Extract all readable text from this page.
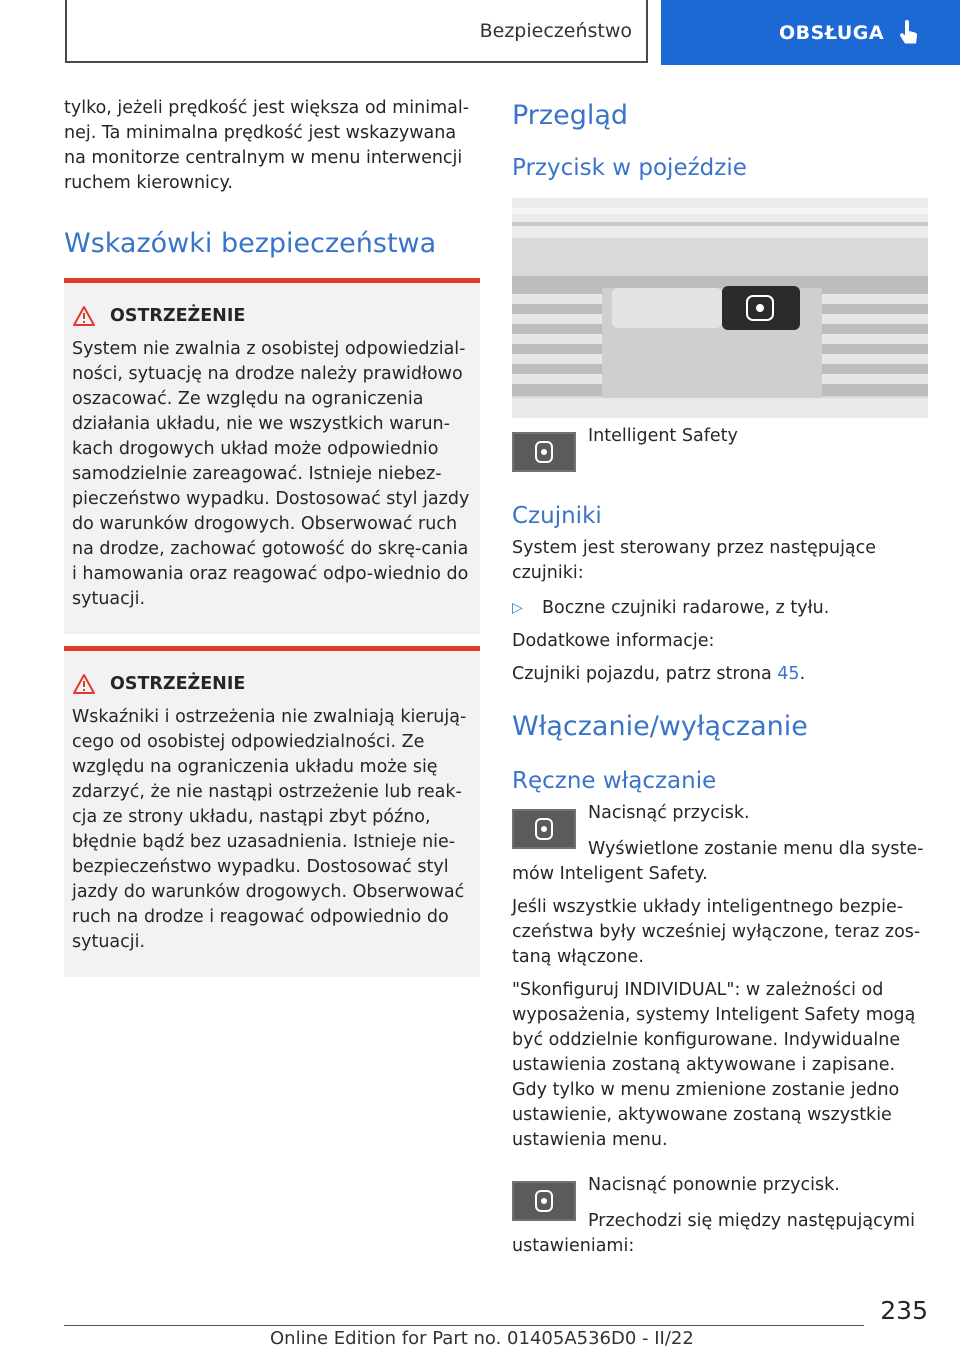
Bezpieczeństwo	OBSŁUGA

tylko, jeżeli prędkość jest większa od minimal-nej. Ta minimalna prędkość jest wskazywana na monitorze centralnym w menu interwencji ruchem kierownicy.

Wskazówki bezpieczeństwa
OSTRZEŻENIE

System nie zwalnia z osobistej odpowiedzial-ności, sytuację na drodze należy prawidłowo oszacować. Ze względu na ograniczenia działania układu, nie we wszystkich warun-kach drogowych układ może odpowiednio samodzielnie zareagować. Istnieje niebez-pieczeństwo wypadku. Dostosować styl jazdy do warunków drogowych. Obserwować ruch na drodze, zachować gotowość do skrę-cania i hamowania oraz reagować odpo-wiednio do sytuacji.

OSTRZEŻENIE

Wskaźniki i ostrzeżenia nie zwalniają kierują-cego od osobistej odpowiedzialności. Ze względu na ograniczenia układu może się zdarzyć, że nie nastąpi ostrzeżenie lub reak-cja ze strony układu, nastąpi zbyt późno, błędnie bądź bez uzasadnienia. Istnieje nie-bezpieczeństwo wypadku. Dostosować styl jazdy do warunków drogowych. Obserwować ruch na drodze i reagować odpowiednio do sytuacji.

Przegląd
Przycisk w pojeździe

Intelligent Safety

Czujniki

System jest sterowany przez następujące czujniki:

▷	Boczne czujniki radarowe, z tyłu.

Dodatkowe informacje:

Czujniki pojazdu, patrz strona 45.

Włączanie/wyłączanie
Ręczne włączanie

Nacisnąć przycisk.

Wyświetlone zostanie menu dla syste-mów Inteligent Safety.

Jeśli wszystkie układy inteligentnego bezpie-czeństwa były wcześniej wyłączone, teraz zos-taną włączone.

"Skonfiguruj INDIVIDUAL": w zależności od wyposażenia, systemy Inteligent Safety mogą być oddzielnie konfigurowane. Indywidualne ustawienia zostaną aktywowane i zapisane. Gdy tylko w menu zmienione zostanie jedno ustawienie, aktywowane zostaną wszystkie ustawienia menu.

Nacisnąć ponownie przycisk.

Przechodzi się między następującymi ustawieniami:

235
Online Edition for Part no. 01405A536D0 - II/22
